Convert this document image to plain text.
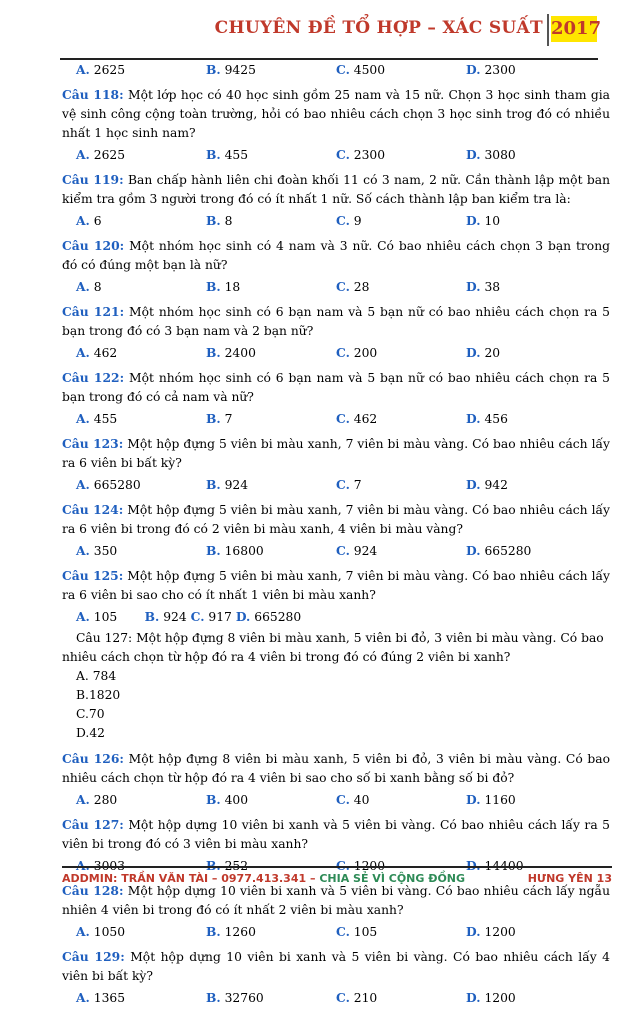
CHUYÊN ĐỀ TỔ HỢP – XÁC SUẤT 2017
A. 2625	B. 9425	C. 4500	D. 2300

Câu 118: Một lớp học có 40 học sinh gồm 25 nam và 15 nữ. Chọn 3 học sinh tham gia vệ sinh công cộng toàn trường, hỏi có bao nhiêu cách chọn 3 học sinh trog đó có nhiều nhất 1 học sinh nam?

A. 2625	B. 455	C. 2300	D. 3080

Câu 119: Ban chấp hành liên chi đoàn khối 11 có 3 nam, 2 nữ. Cần thành lập một ban kiểm tra gồm 3 người trong đó có ít nhất 1 nữ. Số cách thành lập ban kiểm tra là:

A. 6	B. 8	C. 9	D. 10

Câu 120: Một nhóm học sinh có 4 nam và 3 nữ. Có bao nhiêu cách chọn 3 bạn trong đó có đúng một bạn là nữ?

A. 8	B. 18	C. 28	D. 38

Câu 121: Một nhóm học sinh có 6 bạn nam và 5 bạn nữ có bao nhiêu cách chọn ra 5 bạn trong đó có 3 bạn nam và 2 bạn nữ?

A. 462	B. 2400	C. 200	D. 20

Câu 122: Một nhóm học sinh có 6 bạn nam và 5 bạn nữ có bao nhiêu cách chọn ra 5 bạn trong đó có cả nam và nữ?

A. 455	B. 7	C. 462	D. 456

Câu 123: Một hộp đựng 5 viên bi màu xanh, 7 viên bi màu vàng. Có bao nhiêu cách lấy ra 6 viên bi bất kỳ?

A. 665280	B. 924	C. 7	D. 942

Câu 124: Một hộp đựng 5 viên bi màu xanh, 7 viên bi màu vàng. Có bao nhiêu cách lấy ra 6 viên bi trong đó có 2 viên bi màu xanh, 4 viên bi màu vàng?

A. 350	B. 16800	C. 924	D. 665280

Câu 125: Một hộp đựng 5 viên bi màu xanh, 7 viên bi màu vàng. Có bao nhiêu cách lấy ra 6 viên bi sao cho có ít nhất 1 viên bi màu xanh?

A. 105 B. 924 C. 917 D. 665280

Câu 127: Một hộp đựng 8 viên bi màu xanh, 5 viên bi đỏ, 3 viên bi màu vàng. Có bao nhiêu cách chọn từ hộp đó ra 4 viên bi trong đó có đúng 2 viên bi xanh?

A. 784

B.1820

C.70

D.42

Câu 126: Một hộp đựng 8 viên bi màu xanh, 5 viên bi đỏ, 3 viên bi màu vàng. Có bao nhiêu cách chọn từ hộp đó ra 4 viên bi sao cho số bi xanh bằng số bi đỏ?

A. 280	B. 400	C. 40	D. 1160

Câu 127: Một hộp dựng 10 viên bi xanh và 5 viên bi vàng. Có bao nhiêu cách lấy ra 5 viên bi trong đó có 3 viên bi màu xanh?

Câu 128: Một hộp dựng 10 viên bi xanh và 5 viên bi vàng. Có bao nhiêu cách lấy ngẫu nhiên 4 viên bi trong đó có ít nhất 2 viên bi màu xanh?

A. 1050	B. 1260	C. 105	D. 1200

Câu 129: Một hộp dựng 10 viên bi xanh và 5 viên bi vàng. Có bao nhiêu cách lấy 4 viên bi bất kỳ?

A. 1365	B. 32760	C. 210	D. 1200
ADDMIN: TRẦN VĂN TÀI – 0977.413.341 – CHIA SẺ VÌ CỘNG ĐỒNG	HƯNG YÊN 13
